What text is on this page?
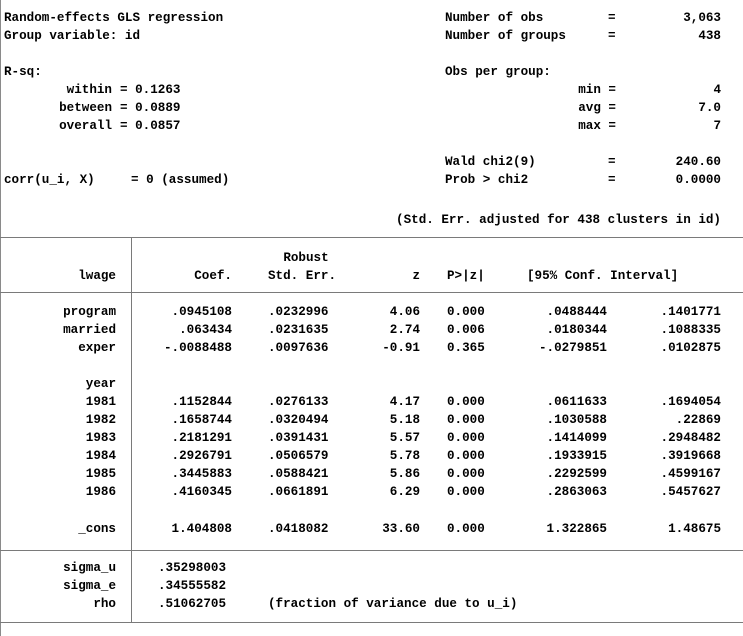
Random-effects GLS regression
Group variable: id
R-sq:
within = 0.1263
between = 0.0889
overall = 0.0857
corr(u_i, X)	= 0 (assumed)
Number of obs	=	3,063
Number of groups	=	438
Obs per group:
min =	4
avg =	7.0
max =	7
Wald chi2(9)	=	240.60
Prob > chi2	=	0.0000
(Std. Err. adjusted for 438 clusters in id)
Robust
lwage	Coef.	Std. Err.	z P>|z|	[95% Conf. Interval]
program	.0945108	.0232996	4.06 0.000	.0488444	.1401771
married	.063434	.0231635	2.74 0.006	.0180344	.1088335
exper	-.0088488	.0097636	-0.91 0.365	-.0279851	.0102875
year
1981	.1152844	.0276133	4.17 0.000	.0611633	.1694054
1982	.1658744	.0320494	5.18 0.000	.1030588	.22869
1983	.2181291	.0391431	5.57 0.000	.1414099	.2948482
1984	.2926791	.0506579	5.78 0.000	.1933915	.3919668
1985	.3445883	.0588421	5.86 0.000	.2292599	.4599167
1986	.4160345	.0661891	6.29 0.000	.2863063	.5457627
_cons	1.404808	.0418082	33.60 0.000	1.322865	1.48675
sigma_u	.35298003
sigma_e	.34555582
rho	.51062705	(fraction of variance due to u_i)
